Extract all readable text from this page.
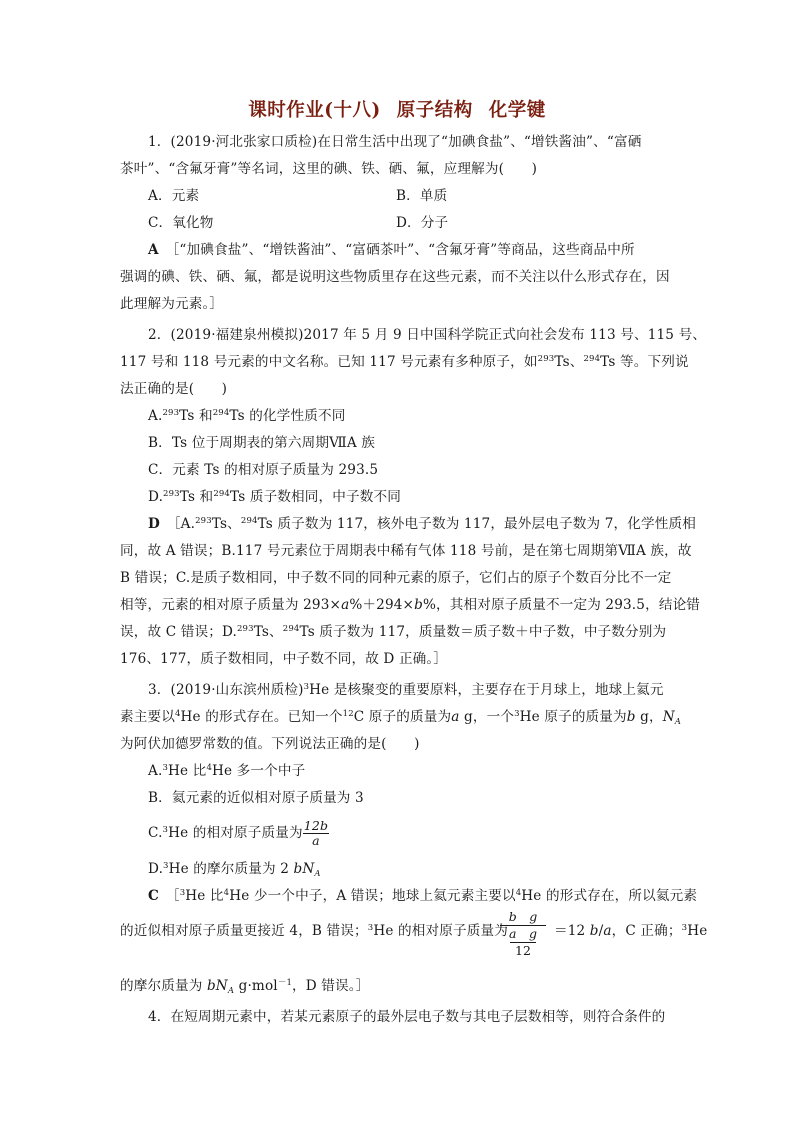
课时作业(十八) 原子结构 化学键
1．(2019·河北张家口质检)在日常生活中出现了“加碘食盐”、“增铁酱油”、“富硒
茶叶”、“含氟牙膏”等名词，这里的碘、铁、硒、氟，应理解为(　　)
A．元素	B．单质
C．氧化物	D．分子
A　 ［“加碘食盐”、“增铁酱油”、“富硒茶叶”、“含氟牙膏”等商品，这些商品中所
强调的碘、铁、硒、氟，都是说明这些物质里存在这些元素，而不关注以什么形式存在，因
此理解为元素。］
2．(2019·福建泉州模拟)2017 年 5 月 9 日中国科学院正式向社会发布 113 号、115 号、
117 号和 118 号元素的中文名称。已知 117 号元素有多种原子，如$^{293}$Ts、$^{294}$Ts 等。下列说
法正确的是(　　)
A.$^{293}$Ts 和$^{294}$Ts 的化学性质不同
B．Ts 位于周期表的第六周期ⅦA 族
C．元素 Ts 的相对原子质量为 293.5
D.$^{293}$Ts 和$^{294}$Ts 质子数相同，中子数不同
D　 ［A.$^{293}$Ts、$^{294}$Ts 质子数为 117，核外电子数为 117，最外层电子数为 7，化学性质相
同，故 A 错误；B.117 号元素位于周期表中稀有气体 118 号前，是在第七周期第ⅦA 族，故
B 错误；C.是质子数相同，中子数不同的同种元素的原子，它们占的原子个数百分比不一定
相等，元素的相对原子质量为 293×a%＋294×b%，其相对原子质量不一定为 293.5，结论错
误，故 C 错误；D.$^{293}$Ts、$^{294}$Ts 质子数为 117，质量数＝质子数＋中子数，中子数分别为
176、177，质子数相同，中子数不同，故 D 正确。］
3．(2019·山东滨州质检)$^3$He 是核聚变的重要原料，主要存在于月球上，地球上氦元
素主要以$^4$He 的形式存在。已知一个$^{12}$C 原子的质量为a g，一个$^3$He 原子的质量为b g，$N_A$
为阿伏加德罗常数的值。下列说法正确的是(　　)
A.$^3$He 比$^4$He 多一个中子
B．氦元素的近似相对原子质量为 3
C.$^3$He 的相对原子质量为 $\frac{12b}{a}$
D.$^3$He 的摩尔质量为 2 $bN_A$
C　 ［$^3$He 比$^4$He 少一个中子，A 错误；地球上氦元素主要以$^4$He 的形式存在，所以氦元素
的近似相对原子质量更接近 4，B 错误；$^3$He 的相对原子质量为	＝12 b/a，C 正确；$^3$He
b　g
a　g
12
的摩尔质量为 $bN_A$ g·mol$^{-1}$，D 错误。］
4．在短周期元素中，若某元素原子的最外层电子数与其电子层数相等，则符合条件的
